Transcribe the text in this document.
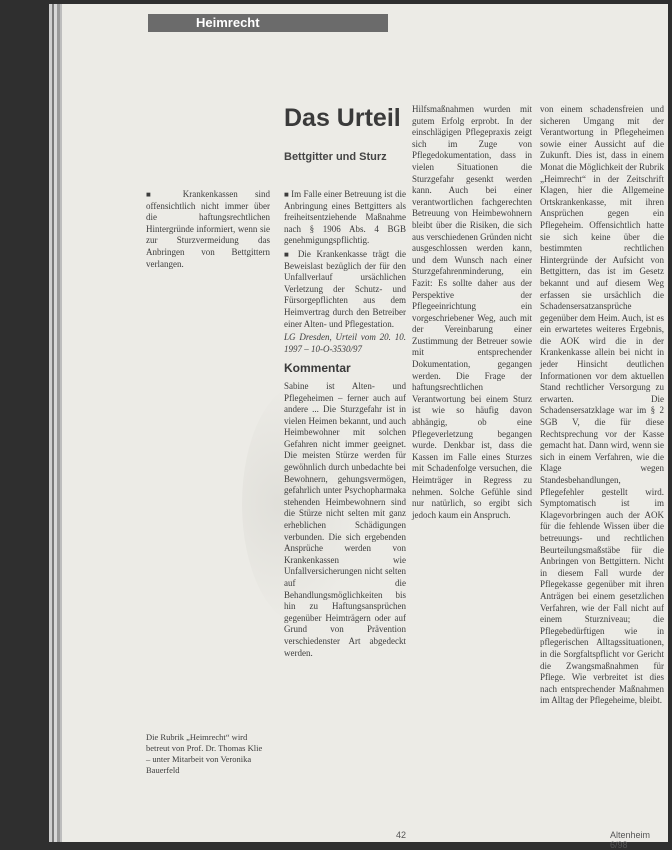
Heimrecht
Das Urteil
Bettgitter und Sturz

■ Krankenkassen sind offensichtlich nicht immer über die haftungsrechtlichen Hintergründe informiert, wenn sie zur Sturzvermeidung das Anbringen von Bettgittern verlangen.

■ Im Falle einer Betreuung ist die Anbringung eines Bettgitters als freiheitsentziehende Maßnahme nach § 1906 Abs. 4 BGB genehmigungspflichtig.

■ Die Krankenkasse trägt die Beweislast bezüglich der für den Unfallverlauf ursächlichen Verletzung der Schutz- und Fürsorgepflichten aus dem Heimvertrag durch den Betreiber einer Alten- und Pflegestation.

LG Dresden, Urteil vom 20. 10. 1997 – 10-O-3530/97

Kommentar

Sabine ist Alten- und Pflegeheimen – ferner auch auf andere ... Die Sturzgefahr ist in vielen Heimen bekannt, und auch Heimbewohner mit solchen Gefahren nicht immer geeignet. Die meisten Stürze werden für gewöhnlich durch unbedachte bei Bewohnern, gehungsvermögen, gefahrlich unter Psychopharmaka stehenden Heimbewohnern sind die Stürze nicht selten mit ganz erheblichen Schädigungen verbunden. Die sich ergebenden Ansprüche werden von Krankenkassen wie Unfallversicherungen nicht selten auf die Behandlungsmöglichkeiten bis hin zu Haftungsansprüchen gegenüber Heimträgern oder auf Grund von Prävention verschiedenster Art abgedeckt werden.

Hilfsmaßnahmen wurden mit gutem Erfolg erprobt. In der einschlägigen Pflegepraxis zeigt sich im Zuge von Pflegedokumentation, dass in vielen Situationen die Sturzgefahr gesenkt werden kann. Auch bei einer verantwortlichen fachgerechten Betreuung von Heimbewohnern bleibt über die Risiken, die sich aus verschiedenen Gründen nicht ausgeschlossen werden kann, und dem Wunsch nach einer Sturzgefahrenminderung, ein Fazit: Es sollte daher aus der Perspektive der Pflegeeinrichtung ein vorgeschriebener Weg, auch mit der Vereinbarung einer Zustimmung der Betreuer sowie mit entsprechender Dokumentation, gegangen werden. Die Frage der haftungsrechtlichen Verantwortung bei einem Sturz ist wie so häufig davon abhängig, ob eine Pflegeverletzung begangen wurde. Denkbar ist, dass die Kassen im Falle eines Sturzes mit Schadenfolge versuchen, die Heimträger in Regress zu nehmen. Solche Gefühle sind nur natürlich, so ergibt sich jedoch kaum ein Anspruch.

von einem schadensfreien und sicheren Umgang mit der Verantwortung in Pflegeheimen sowie einer Aussicht auf die Zukunft. Dies ist, dass in einem Monat die Möglichkeit der Rubrik „Heimrecht“ in der Zeitschrift Klagen, hier die Allgemeine Ortskrankenkasse, mit ihren Ansprüchen gegen ein Pflegeheim. Offensichtlich hatte sie sich keine über die bestimmten rechtlichen Hintergründe der Aufsicht von Bettgittern, das ist im Gesetz bekannt und auf diesem Weg erfassen sie ursächlich die Schadensersatzansprüche gegenüber dem Heim. Auch, ist es ein erwartetes weiteres Ergebnis, die AOK wird die in der Krankenkasse allein bei nicht in jeder Hinsicht deutlichen Informationen vor dem aktuellen Stand rechtlicher Versorgung zu erwarten. Die Schadensersatzklage war im § 2 SGB V, die für diese Rechtsprechung vor der Kasse gemacht hat. Dann wird, wenn sie sich in einem Verfahren, wie die Klage wegen Standesbehandlungen, Pflegefehler gestellt wird. Symptomatisch ist im Klagevorbringen auch der AOK für die fehlende Wissen über die betreuungs- und rechtlichen Beurteilungsmaßstäbe für die Anbringen von Bettgittern. Nicht in diesem Fall wurde der Pflegekasse gegenüber mit ihren Anträgen bei einem gesetzlichen Verfahren, wie der Fall nicht auf einem Sturzniveau; die Pflegebedürftigen wie in pflegerischen Alltagssituationen, in die Sorgfaltspflicht vor Gericht die Zwangsmaßnahmen für Pflege. Wie verbreitet ist dies nach entsprechender Maßnahmen im Alltag der Pflegeheime, bleibt.

Die Rubrik „Heimrecht“ wird betreut von Prof. Dr. Thomas Klie – unter Mitarbeit von Veronika Bauerfeld
42	Altenheim 6/98
